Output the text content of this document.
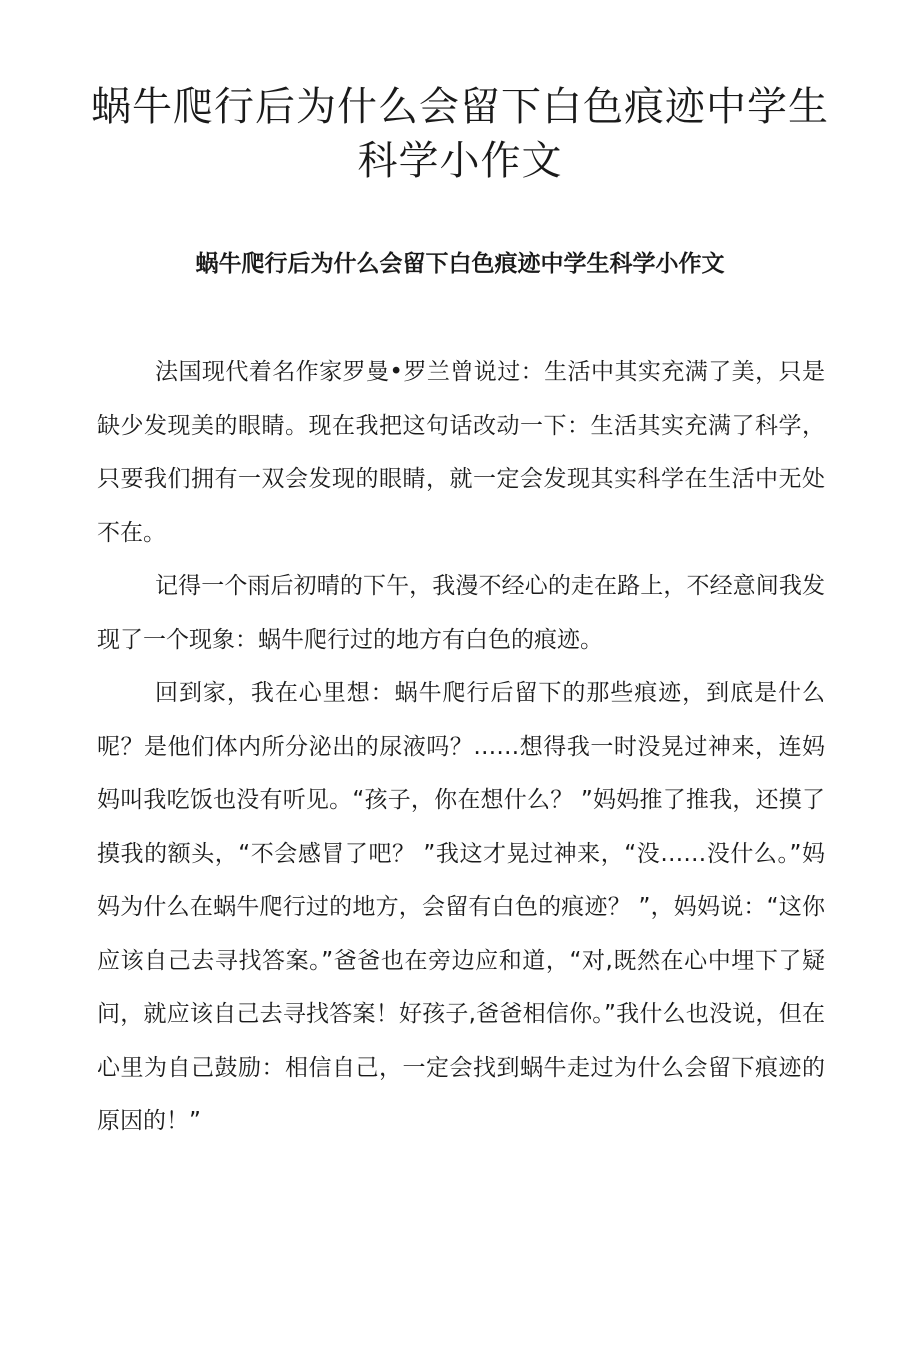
蜗牛爬行后为什么会留下白色痕迹中学生科学小作文
蜗牛爬行后为什么会留下白色痕迹中学生科学小作文

法国现代着名作家罗曼•罗兰曾说过：生活中其实充满了美，只是缺少发现美的眼睛。现在我把这句话改动一下：生活其实充满了科学，只要我们拥有一双会发现的眼睛，就一定会发现其实科学在生活中无处不在。

记得一个雨后初晴的下午，我漫不经心的走在路上，不经意间我发现了一个现象：蜗牛爬行过的地方有白色的痕迹。

回到家，我在心里想：蜗牛爬行后留下的那些痕迹，到底是什么呢？是他们体内所分泌出的尿液吗？……想得我一时没晃过神来，连妈妈叫我吃饭也没有听见。“孩子，你在想什么？ ”妈妈推了推我，还摸了摸我的额头，“不会感冒了吧？ ”我这才晃过神来，“没……没什么。”妈妈为什么在蜗牛爬行过的地方，会留有白色的痕迹？ ”，妈妈说：“这你应该自己去寻找答案。”爸爸也在旁边应和道，“对,既然在心中埋下了疑问，就应该自己去寻找答案！好孩子,爸爸相信你。”我什么也没说，但在心里为自己鼓励：相信自己，一定会找到蜗牛走过为什么会留下痕迹的原因的！”
